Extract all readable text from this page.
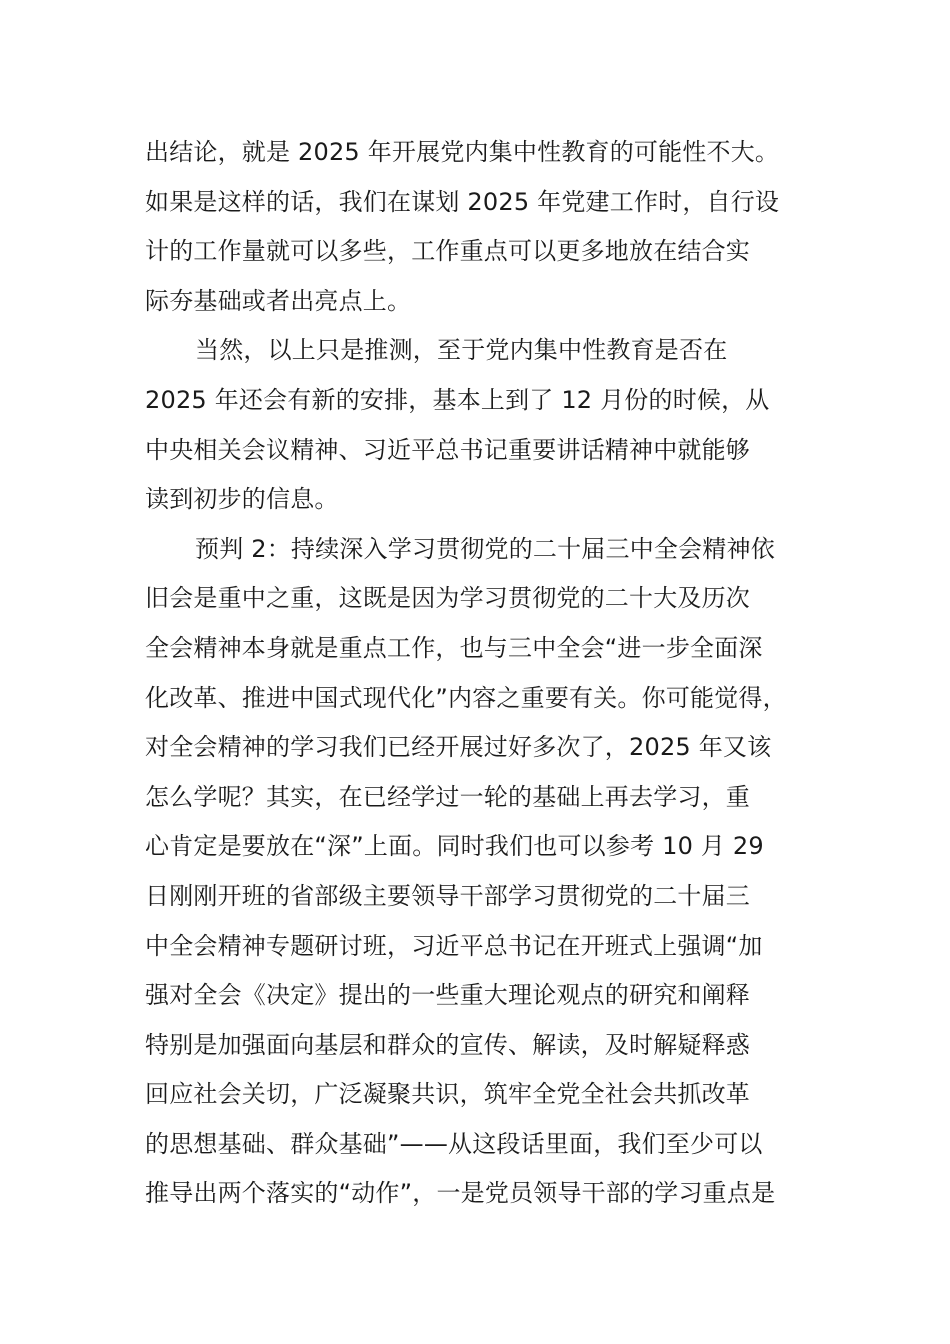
出结论，就是 2025 年开展党内集中性教育的可能性不大。
如果是这样的话，我们在谋划 2025 年党建工作时，自行设
计的工作量就可以多些，工作重点可以更多地放在结合实
际夯基础或者出亮点上。
当然，以上只是推测，至于党内集中性教育是否在
2025 年还会有新的安排，基本上到了 12 月份的时候，从
中央相关会议精神、习近平总书记重要讲话精神中就能够
读到初步的信息。
预判 2：持续深入学习贯彻党的二十届三中全会精神依
旧会是重中之重，这既是因为学习贯彻党的二十大及历次
全会精神本身就是重点工作，也与三中全会“进一步全面深
化改革、推进中国式现代化”内容之重要有关。你可能觉得，
对全会精神的学习我们已经开展过好多次了，2025 年又该
怎么学呢？其实，在已经学过一轮的基础上再去学习，重
心肯定是要放在“深”上面。同时我们也可以参考 10 月 29
日刚刚开班的省部级主要领导干部学习贯彻党的二十届三
中全会精神专题研讨班，习近平总书记在开班式上强调“加
强对全会《决定》提出的一些重大理论观点的研究和阐释
特别是加强面向基层和群众的宣传、解读，及时解疑释惑
回应社会关切，广泛凝聚共识，筑牢全党全社会共抓改革
的思想基础、群众基础”——从这段话里面，我们至少可以
推导出两个落实的“动作”，一是党员领导干部的学习重点是
